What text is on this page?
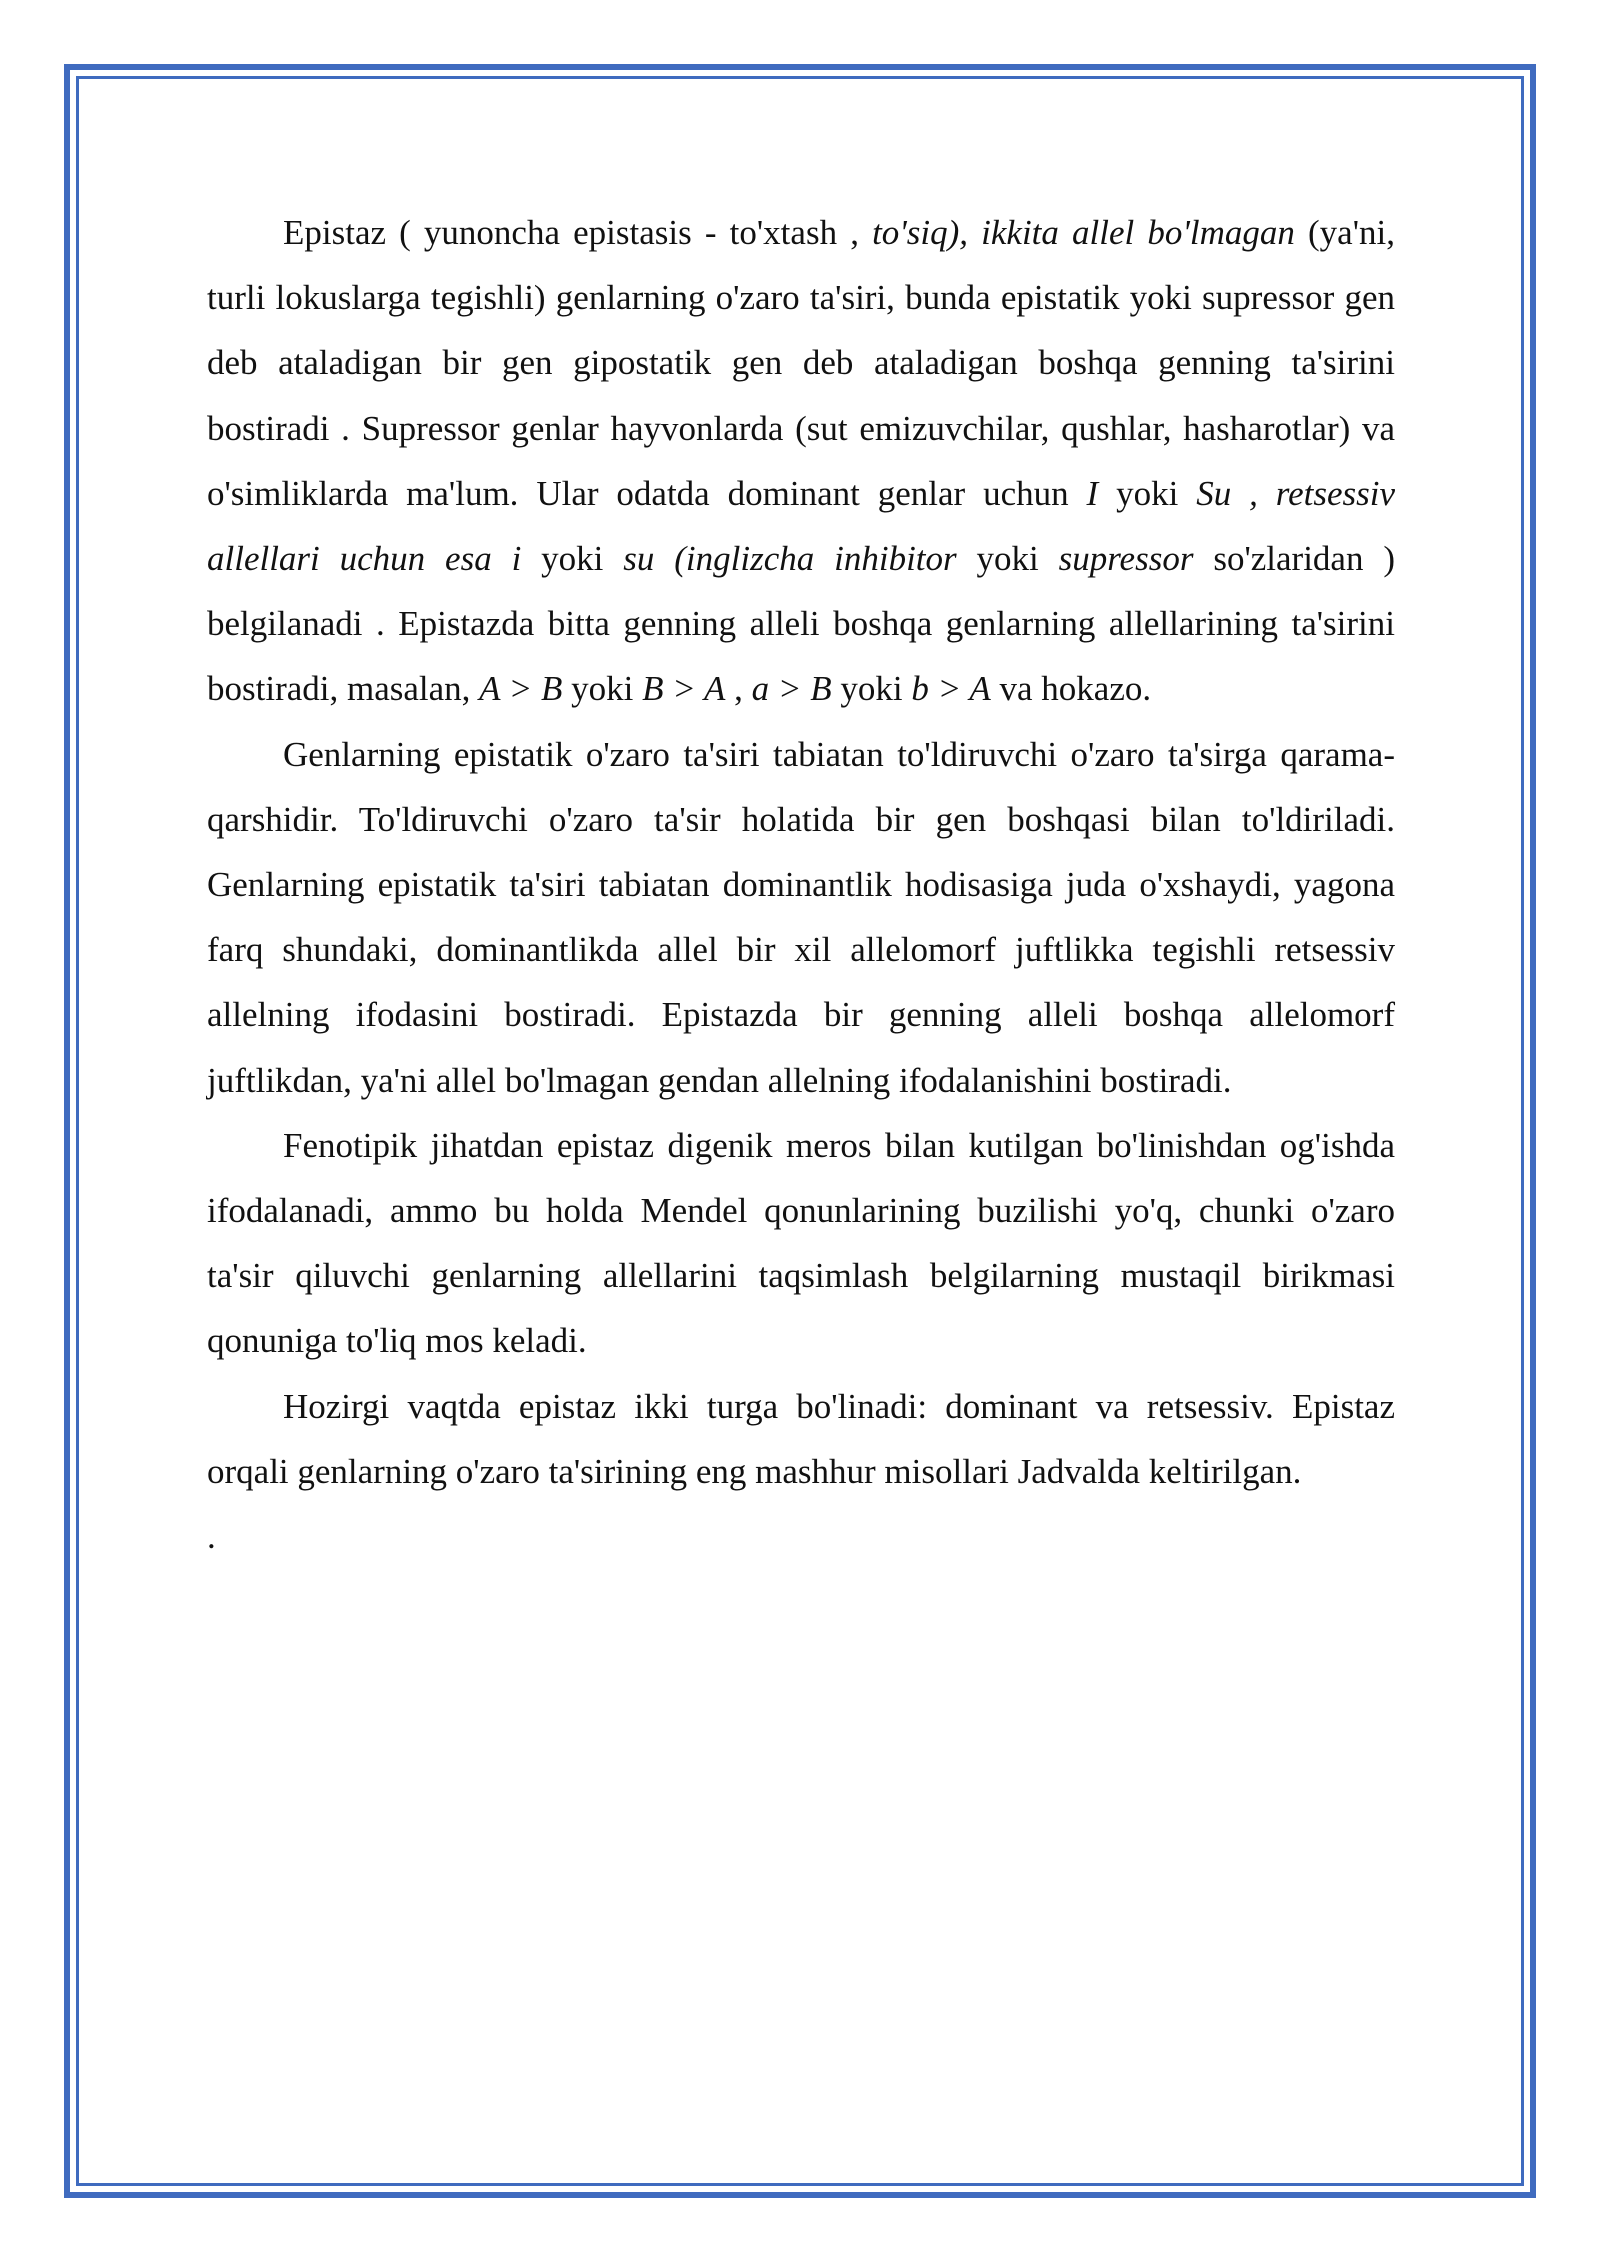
Epistaz ( yunoncha epistasis - to'xtash , to'siq), ikkita allel bo'lmagan (ya'ni, turli lokuslarga tegishli) genlarning o'zaro ta'siri, bunda epistatik yoki supressor gen deb ataladigan bir gen gipostatik gen deb ataladigan boshqa genning ta'sirini bostiradi . Supressor genlar hayvonlarda (sut emizuvchilar, qushlar, hasharotlar) va o'simliklarda ma'lum. Ular odatda dominant genlar uchun I yoki Su , retsessiv allellari uchun esa i yoki su (inglizcha inhibitor yoki supressor so'zlaridan ) belgilanadi . Epistazda bitta genning alleli boshqa genlarning allellarining ta'sirini bostiradi, masalan, A > B yoki B > A , a > B yoki b > A va hokazo.

Genlarning epistatik o'zaro ta'siri tabiatan to'ldiruvchi o'zaro ta'sirga qarama-qarshidir. To'ldiruvchi o'zaro ta'sir holatida bir gen boshqasi bilan to'ldiriladi. Genlarning epistatik ta'siri tabiatan dominantlik hodisasiga juda o'xshaydi, yagona farq shundaki, dominantlikda allel bir xil allelomorf juftlikka tegishli retsessiv allelning ifodasini bostiradi. Epistazda bir genning alleli boshqa allelomorf juftlikdan, ya'ni allel bo'lmagan gendan allelning ifodalanishini bostiradi.

Fenotipik jihatdan epistaz digenik meros bilan kutilgan bo'linishdan og'ishda ifodalanadi, ammo bu holda Mendel qonunlarining buzilishi yo'q, chunki o'zaro ta'sir qiluvchi genlarning allellarini taqsimlash belgilarning mustaqil birikmasi qonuniga to'liq mos keladi.

Hozirgi vaqtda epistaz ikki turga bo'linadi: dominant va retsessiv. Epistaz orqali genlarning o'zaro ta'sirining eng mashhur misollari Jadvalda keltirilgan.

.
